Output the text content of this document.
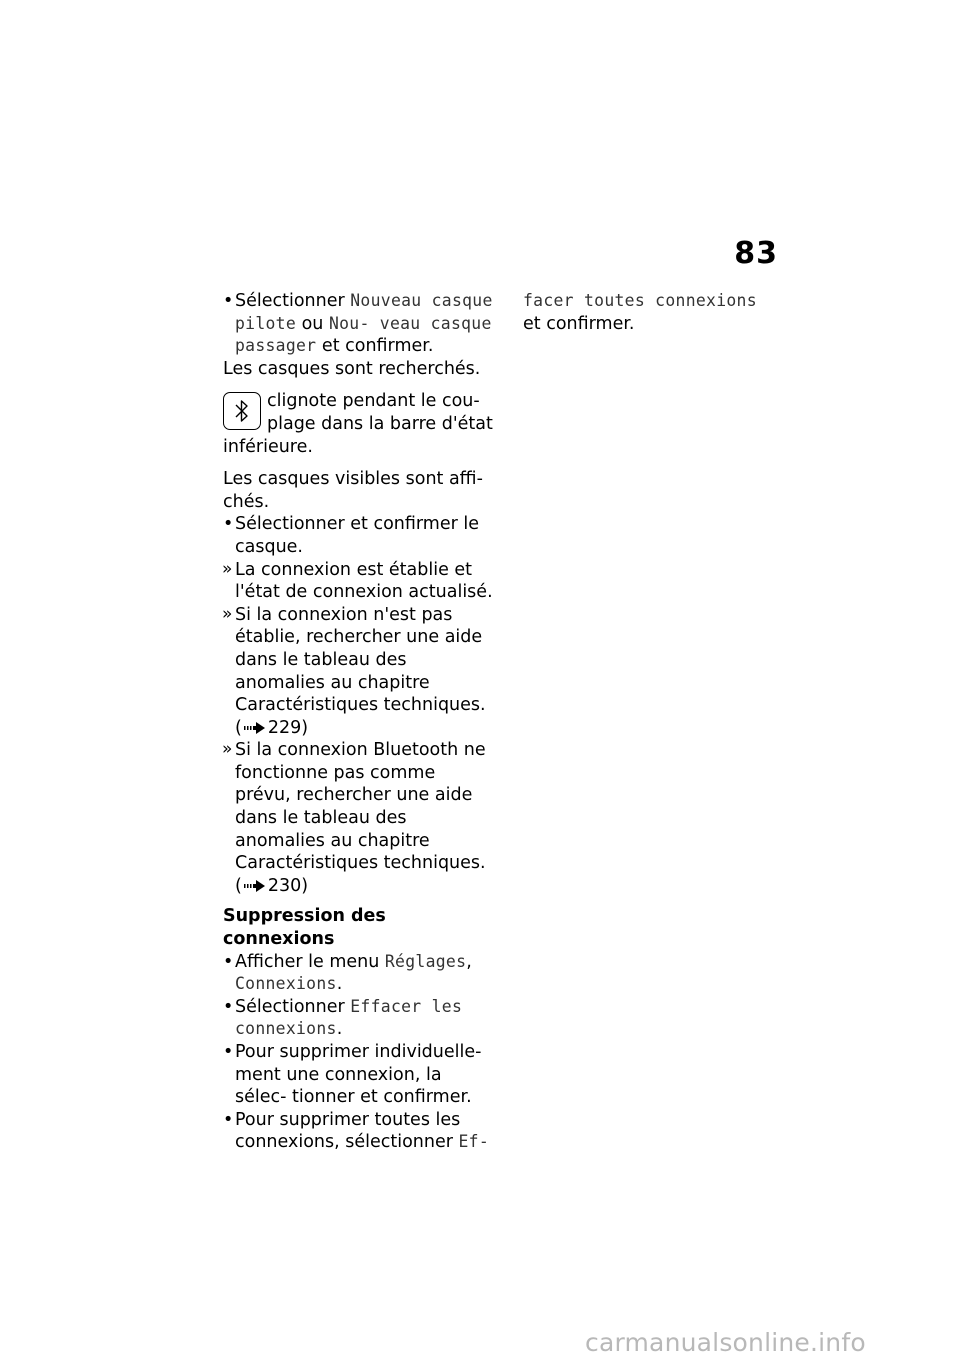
83
• Sélectionner Nouveau casque pilote ou Nou- veau casque passager et confirmer.

Les casques sont recherchés.

clignote pendant le cou- plage dans la barre d'état inférieure.

Les casques visibles sont affi- chés.

• Sélectionner et confirmer le casque.
» La connexion est établie et l'état de connexion actualisé.
» Si la connexion n'est pas établie, rechercher une aide dans le tableau des anomalies au chapitre Caractéristiques techniques. ( 229)
» Si la connexion Bluetooth ne fonctionne pas comme prévu, rechercher une aide dans le tableau des anomalies au chapitre Caractéristiques techniques. ( 230)
Suppression des connexions
• Afficher le menu Réglages, Connexions.
• Sélectionner Effacer les connexions.
• Pour supprimer individuelle- ment une connexion, la sélec- tionner et confirmer.
• Pour supprimer toutes les connexions, sélectionner Ef-
facer toutes connexions
et confirmer.
carmanualsonline.info
